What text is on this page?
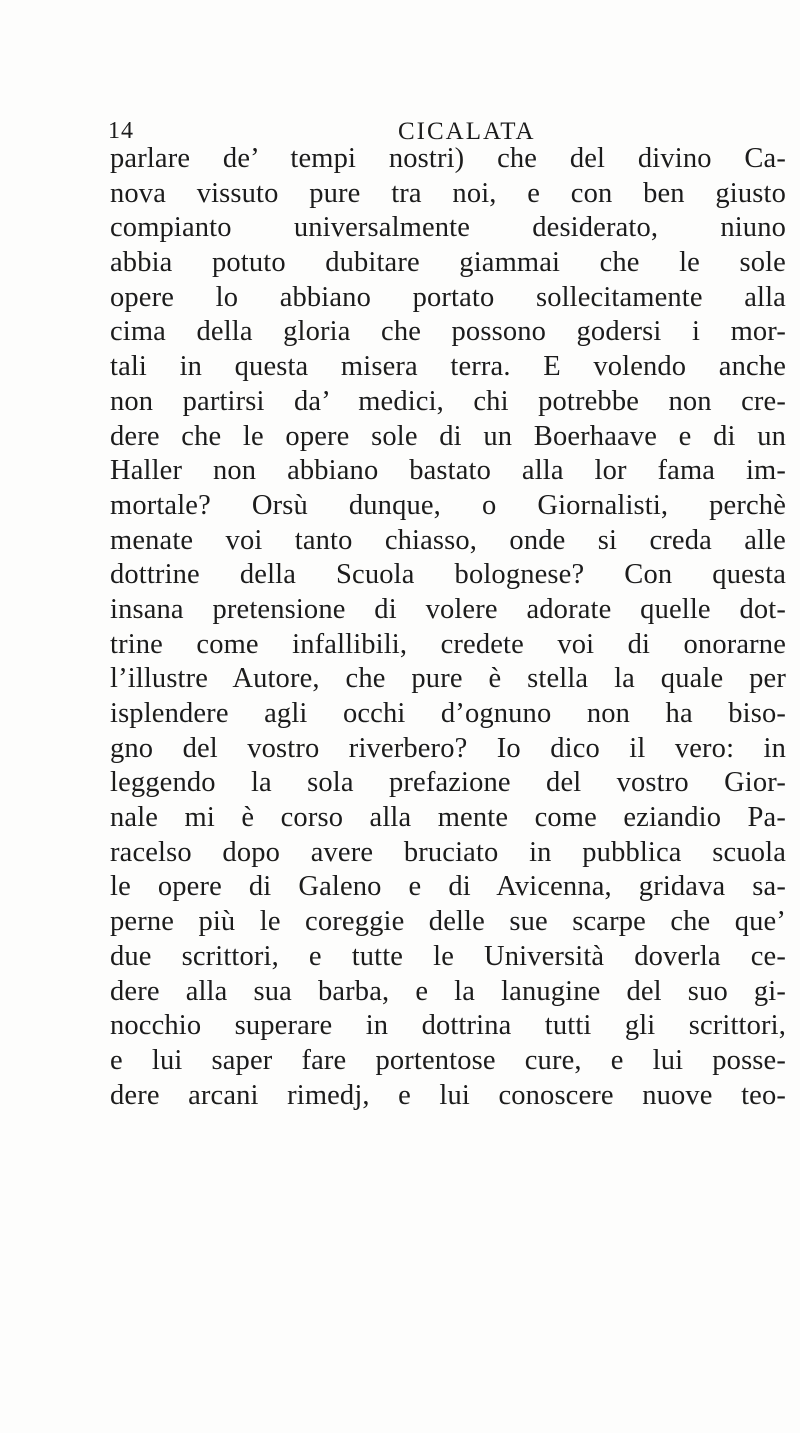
14	CICALATA
parlare de’ tempi nostri) che del divino Ca-
nova vissuto pure tra noi, e con ben giusto
compianto universalmente desiderato, niuno
abbia potuto dubitare giammai che le sole
opere lo abbiano portato sollecitamente alla
cima della gloria che possono godersi i mor-
tali in questa misera terra. E volendo anche
non partirsi da’ medici, chi potrebbe non cre-
dere che le opere sole di un Boerhaave e di un
Haller non abbiano bastato alla lor fama im-
mortale? Orsù dunque, o Giornalisti, perchè
menate voi tanto chiasso, onde si creda alle
dottrine della Scuola bolognese? Con questa
insana pretensione di volere adorate quelle dot-
trine come infallibili, credete voi di onorarne
l’illustre Autore, che pure è stella la quale per
isplendere agli occhi d’ognuno non ha biso-
gno del vostro riverbero? Io dico il vero: in
leggendo la sola prefazione del vostro Gior-
nale mi è corso alla mente come eziandio Pa-
racelso dopo avere bruciato in pubblica scuola
le opere di Galeno e di Avicenna, gridava sa-
perne più le coreggie delle sue scarpe che que’
due scrittori, e tutte le Università doverla ce-
dere alla sua barba, e la lanugine del suo gi-
nocchio superare in dottrina tutti gli scrittori,
e lui saper fare portentose cure, e lui posse-
dere arcani rimedj, e lui conoscere nuove teo-
